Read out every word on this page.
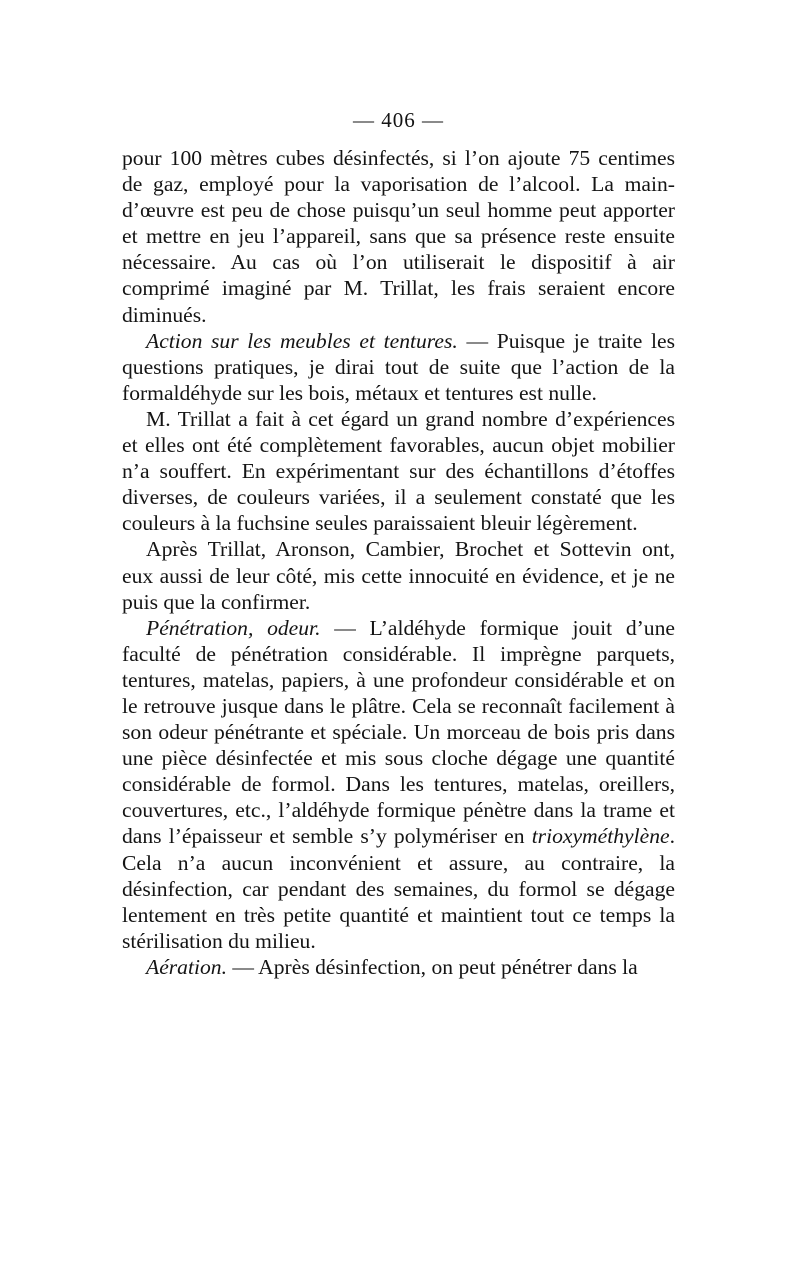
— 406 —

pour 100 mètres cubes désinfectés, si l’on ajoute 75 centimes de gaz, employé pour la vaporisation de l’alcool. La main-d’œuvre est peu de chose puisqu’un seul homme peut apporter et mettre en jeu l’appareil, sans que sa présence reste ensuite nécessaire. Au cas où l’on utiliserait le dispositif à air comprimé imaginé par M. Trillat, les frais seraient encore diminués.

Action sur les meubles et tentures. — Puisque je traite les questions pratiques, je dirai tout de suite que l’action de la formaldéhyde sur les bois, métaux et tentures est nulle.

M. Trillat a fait à cet égard un grand nombre d’expériences et elles ont été complètement favorables, aucun objet mobilier n’a souffert. En expérimentant sur des échantillons d’étoffes diverses, de couleurs variées, il a seulement constaté que les couleurs à la fuchsine seules paraissaient bleuir légèrement.

Après Trillat, Aronson, Cambier, Brochet et Sottevin ont, eux aussi de leur côté, mis cette innocuité en évidence, et je ne puis que la confirmer.

Pénétration, odeur. — L’aldéhyde formique jouit d’une faculté de pénétration considérable. Il imprègne parquets, tentures, matelas, papiers, à une profondeur considérable et on le retrouve jusque dans le plâtre. Cela se reconnaît facilement à son odeur pénétrante et spéciale. Un morceau de bois pris dans une pièce désinfectée et mis sous cloche dégage une quantité considérable de formol. Dans les tentures, matelas, oreillers, couvertures, etc., l’aldéhyde formique pénètre dans la trame et dans l’épaisseur et semble s’y polymériser en trioxyméthylène. Cela n’a aucun inconvénient et assure, au contraire, la désinfection, car pendant des semaines, du formol se dégage lentement en très petite quantité et maintient tout ce temps la stérilisation du milieu.

Aération. — Après désinfection, on peut pénétrer dans la
